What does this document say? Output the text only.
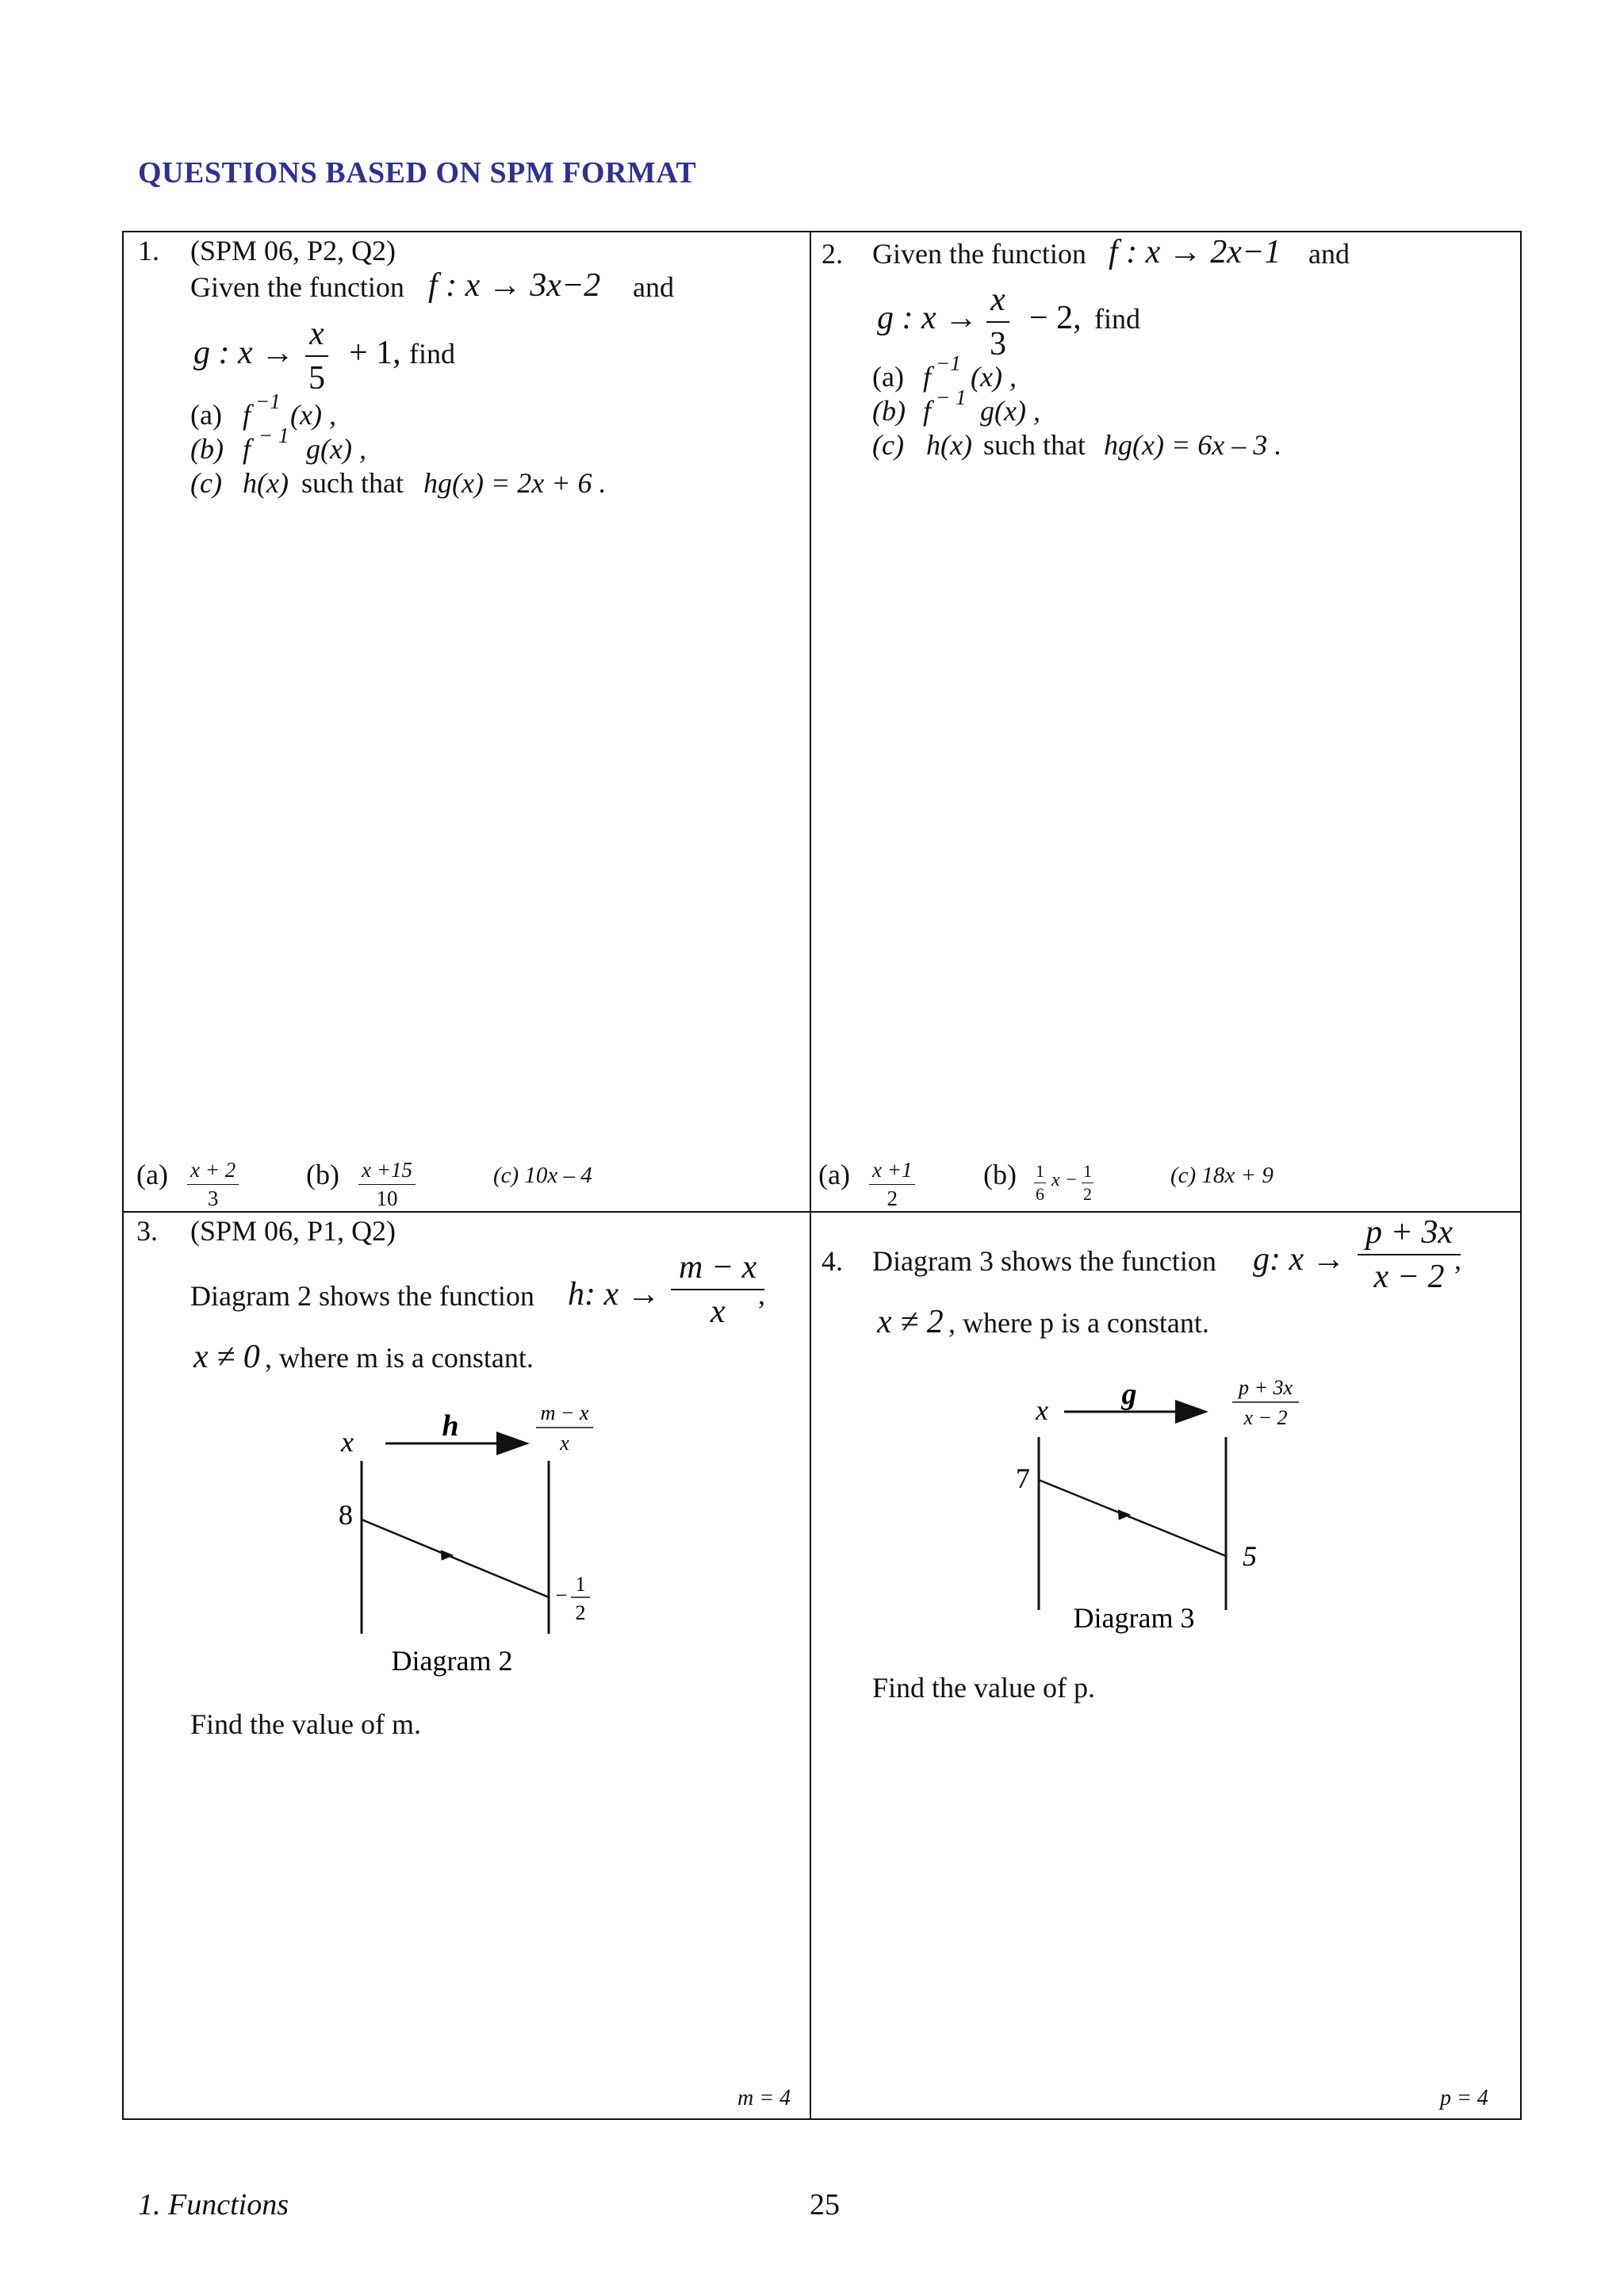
QUESTIONS BASED ON SPM FORMAT
1. (SPM 06, P2, Q2)
Given the function f : x → 3x−2 and
g : $x \to \frac{x}{5} + 1$, find
(a) f −1 (x) ,
(b) f − 1 g(x) ,
(c) h(x) such that hg(x) = 2x + 6 .
$(a) \frac{x + 2}{3} (b) \frac{x +15}{10}$	(c) 10x – 4
2. Given the function f : x → 2x−1 and
g : $x \to \frac{x}{3} - 2$, find
(a) f −1 (x) ,
(b) f − 1 g(x) ,
(c) h(x) such that hg(x) = 6x – 3 .
$(a) \frac{x +1}{2} (b) \frac{1}{6}$ $x - \frac{1}{2}$	(c) 18x + 9
3. (SPM 06, P1, Q2)
Diagram 2 shows the function h: $x \to \frac{m - x}{x}$
,
x ≠ 0 , where m is a constant.
x	h	m − x
x
8
− 1
2
Diagram 2
Find the value of m.
m = 4
4. Diagram 3 shows the function g: $x \to \frac{p + 3x}{x - 2}$
,
x ≠ 2 , where p is a constant.
x g	p + 3x
x − 2
7
5
Diagram 3
Find the value of p.
p = 4
1. Functions	25
